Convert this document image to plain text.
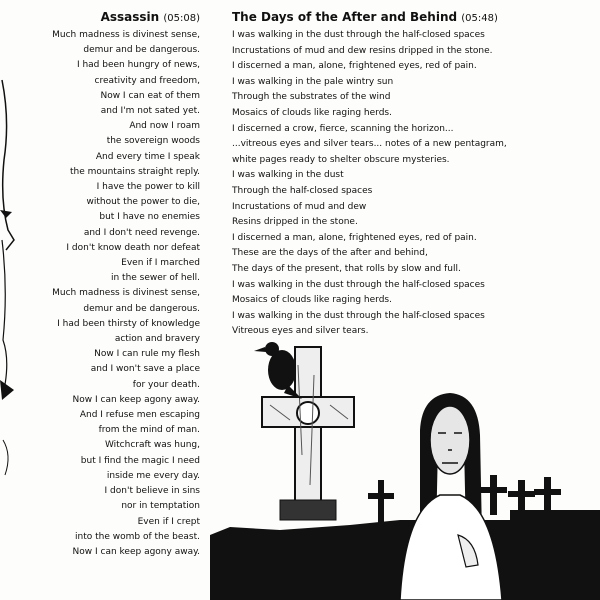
Assassin (05:08)
Much madness is divinest sense,
demur and be dangerous.
I had been hungry of news,
creativity and freedom,
Now I can eat of them
and I'm not sated yet.
And now I roam
the sovereign woods
And every time I speak
the mountains straight reply.
I have the power to kill
without the power to die,
but I have no enemies
and I don't need revenge.
I don't know death nor defeat
Even if I marched
in the sewer of hell.
Much madness is divinest sense,
demur and be dangerous.
I had been thirsty of knowledge
action and bravery
Now I can rule my flesh
and I won't save a place
for your death.
Now I can keep agony away.
And I refuse men escaping
from the mind of man.
Witchcraft was hung,
but I find the magic I need
inside me every day.
I don't believe in sins
nor in temptation
Even if I crept
into the womb of the beast.
Now I can keep agony away.
The Days of the After and Behind (05:48)
I was walking in the dust through the half-closed spaces
Incrustations of mud and dew resins dripped in the stone.
I discerned a man, alone, frightened eyes, red of pain.
I was walking in the pale wintry sun
Through the substrates of the wind
Mosaics of clouds like raging herds.
I discerned a crow, fierce, scanning the horizon...
...vitreous eyes and silver tears... notes of a new pentagram,
white pages ready to shelter obscure mysteries.
I was walking in the dust
Through the half-closed spaces
Incrustations of mud and dew
Resins dripped in the stone.
I discerned a man, alone, frightened eyes, red of pain.
These are the days of the after and behind,
The days of the present, that rolls by slow and full.
I was walking in the dust through the half-closed spaces
Mosaics of clouds like raging herds.
I was walking in the dust through the half-closed spaces
Vitreous eyes and silver tears.
